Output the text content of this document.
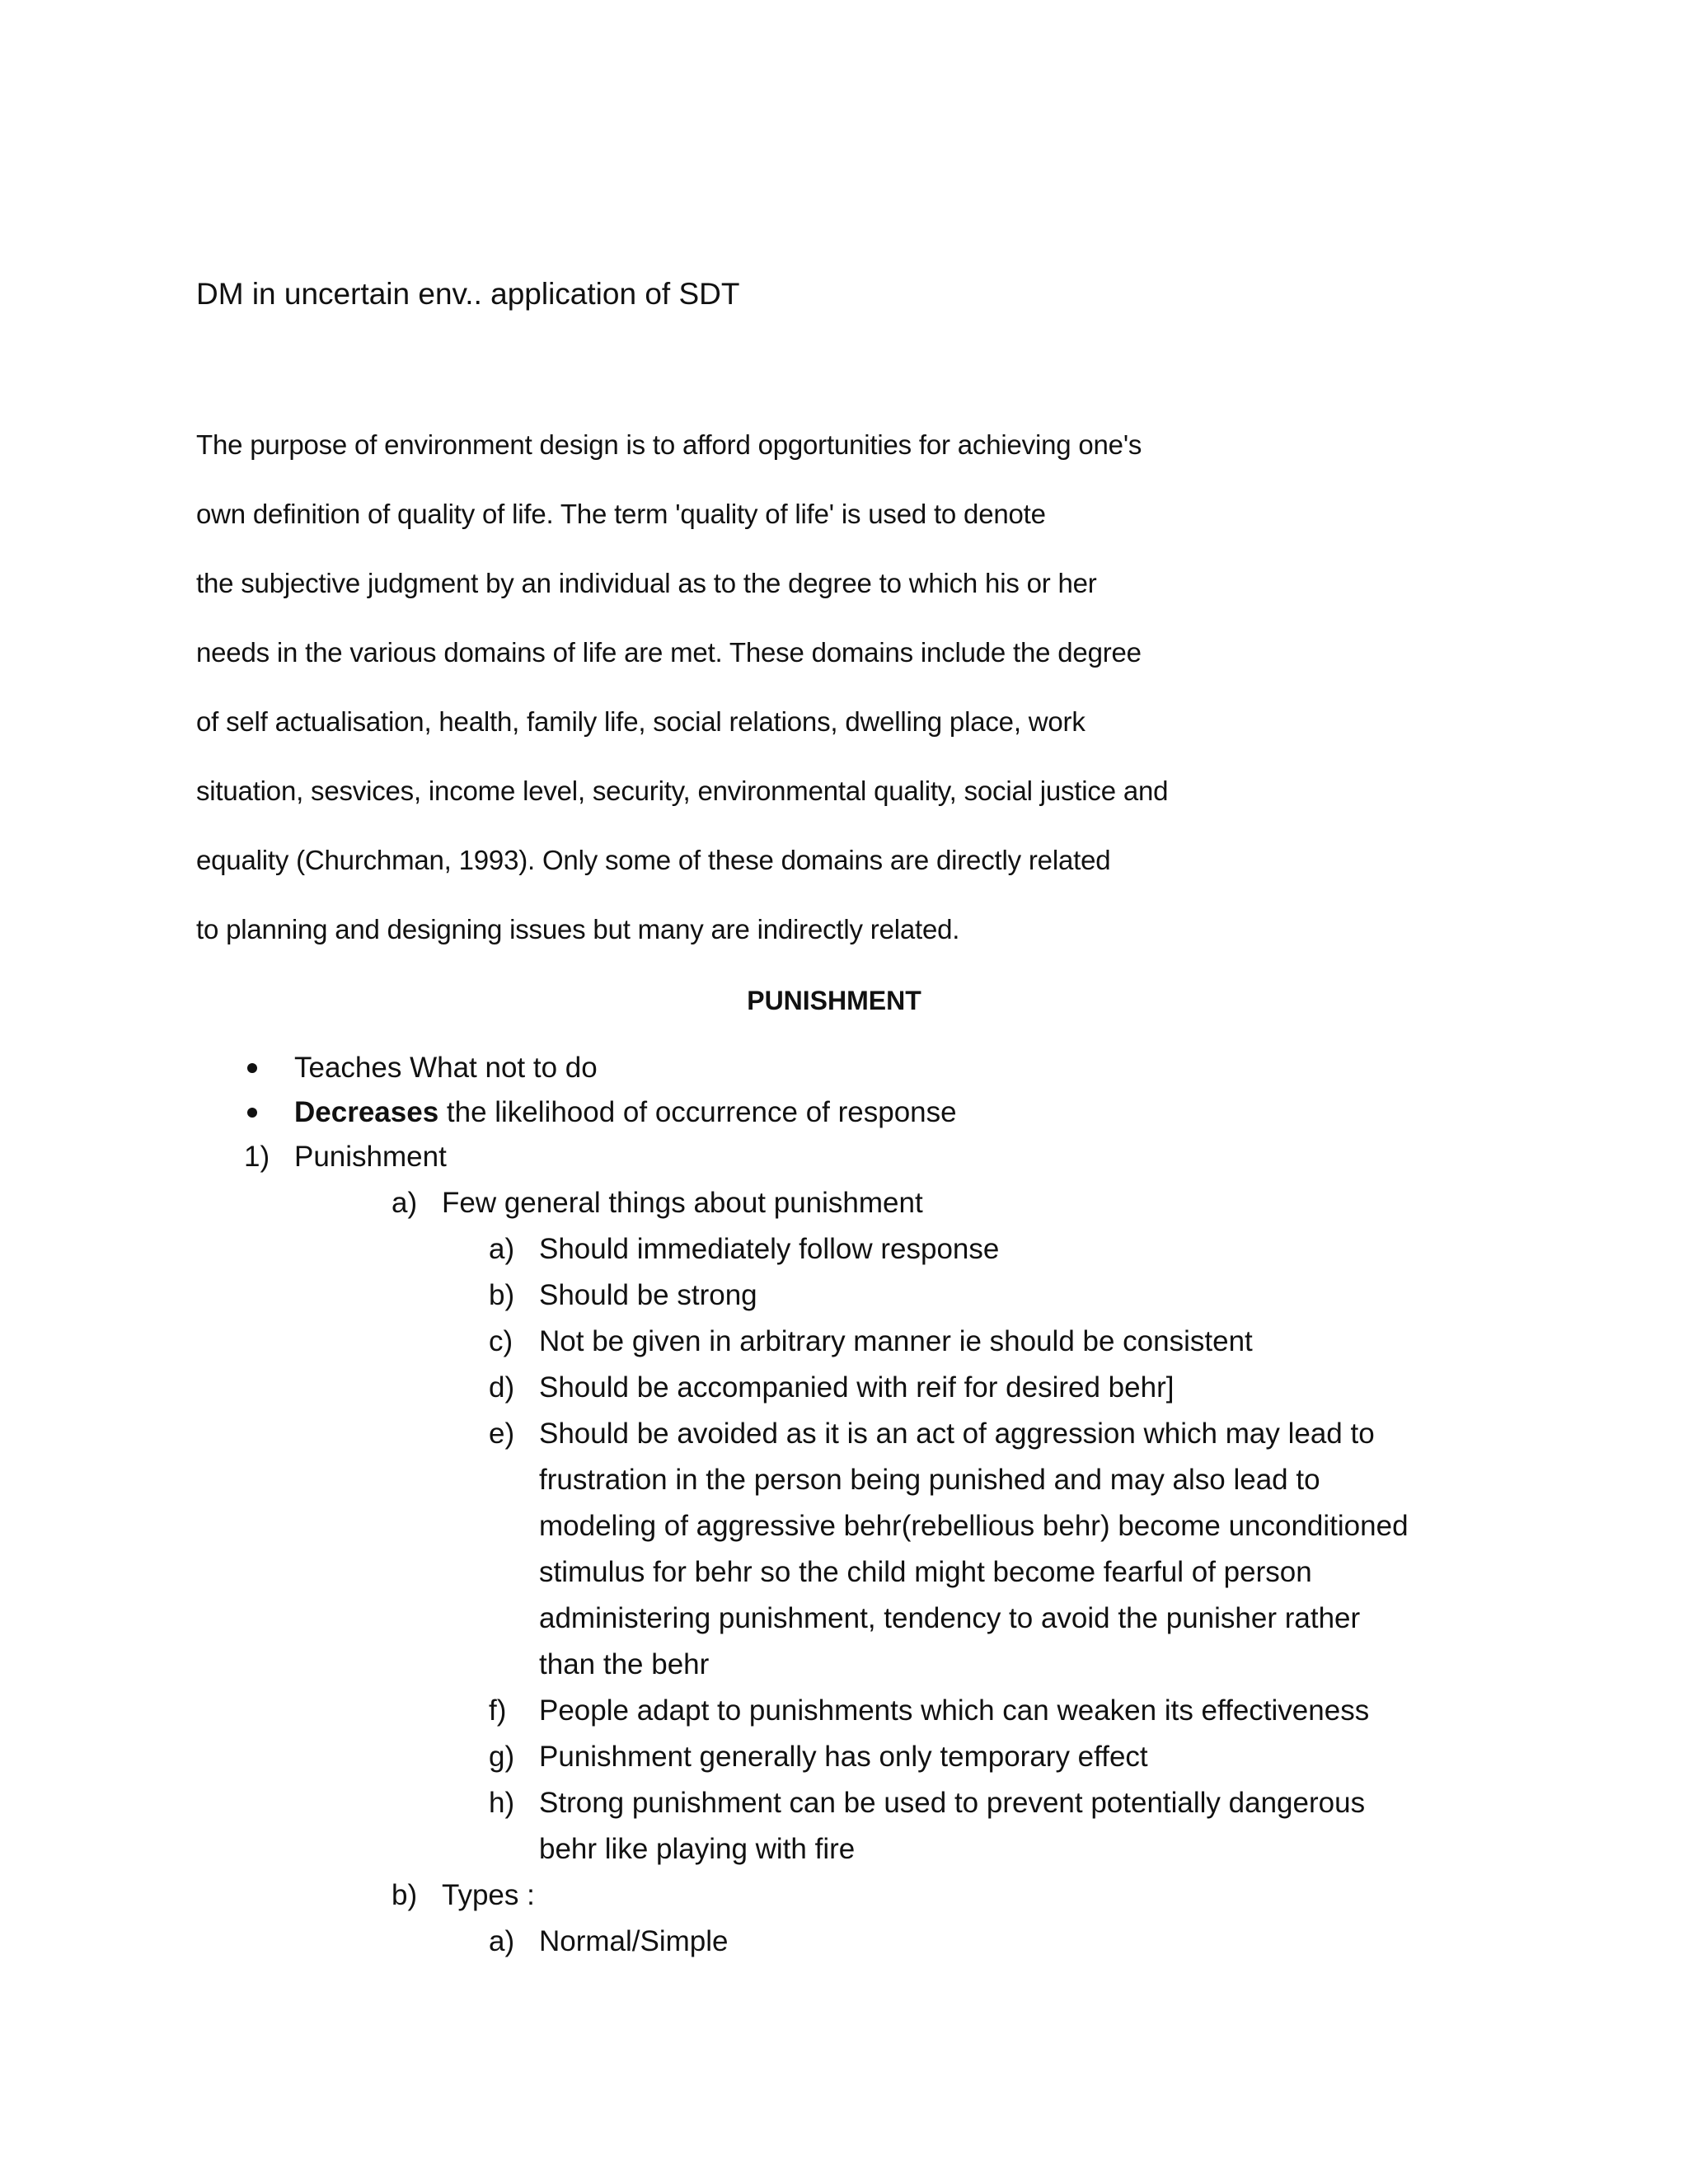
DM in uncertain env.. application of SDT
The purpose of environment design is to afford opgortunities for achieving one's
own definition of quality of life. The term 'quality of life' is used to denote
the subjective judgment by an individual as to the degree to which his or her
needs in the various domains of life are met. These domains include the degree
of self actualisation, health, family life, social relations, dwelling place, work
situation, sesvices, income level, security, environmental quality, social justice and
equality (Churchman, 1993). Only some of these domains are directly related
to planning and designing issues but many are indirectly related.
PUNISHMENT
Teaches What not to do
Decreases the likelihood of occurrence of response
1) Punishment
a) Few general things about punishment
a) Should immediately follow response
b) Should be strong
c) Not be given in arbitrary manner ie should be consistent
d) Should be accompanied with reif for desired behr]
e) Should be avoided as it is an act of aggression which may lead to
frustration in the person being punished and may also lead to
modeling of aggressive behr(rebellious behr) become unconditioned
stimulus for behr so the child might become fearful of person
administering punishment, tendency to avoid the punisher rather
than the behr
f) People adapt to punishments which can weaken its effectiveness
g) Punishment generally has only temporary effect
h) Strong punishment can be used to prevent potentially dangerous
behr like playing with fire
b) Types :
a) Normal/Simple
